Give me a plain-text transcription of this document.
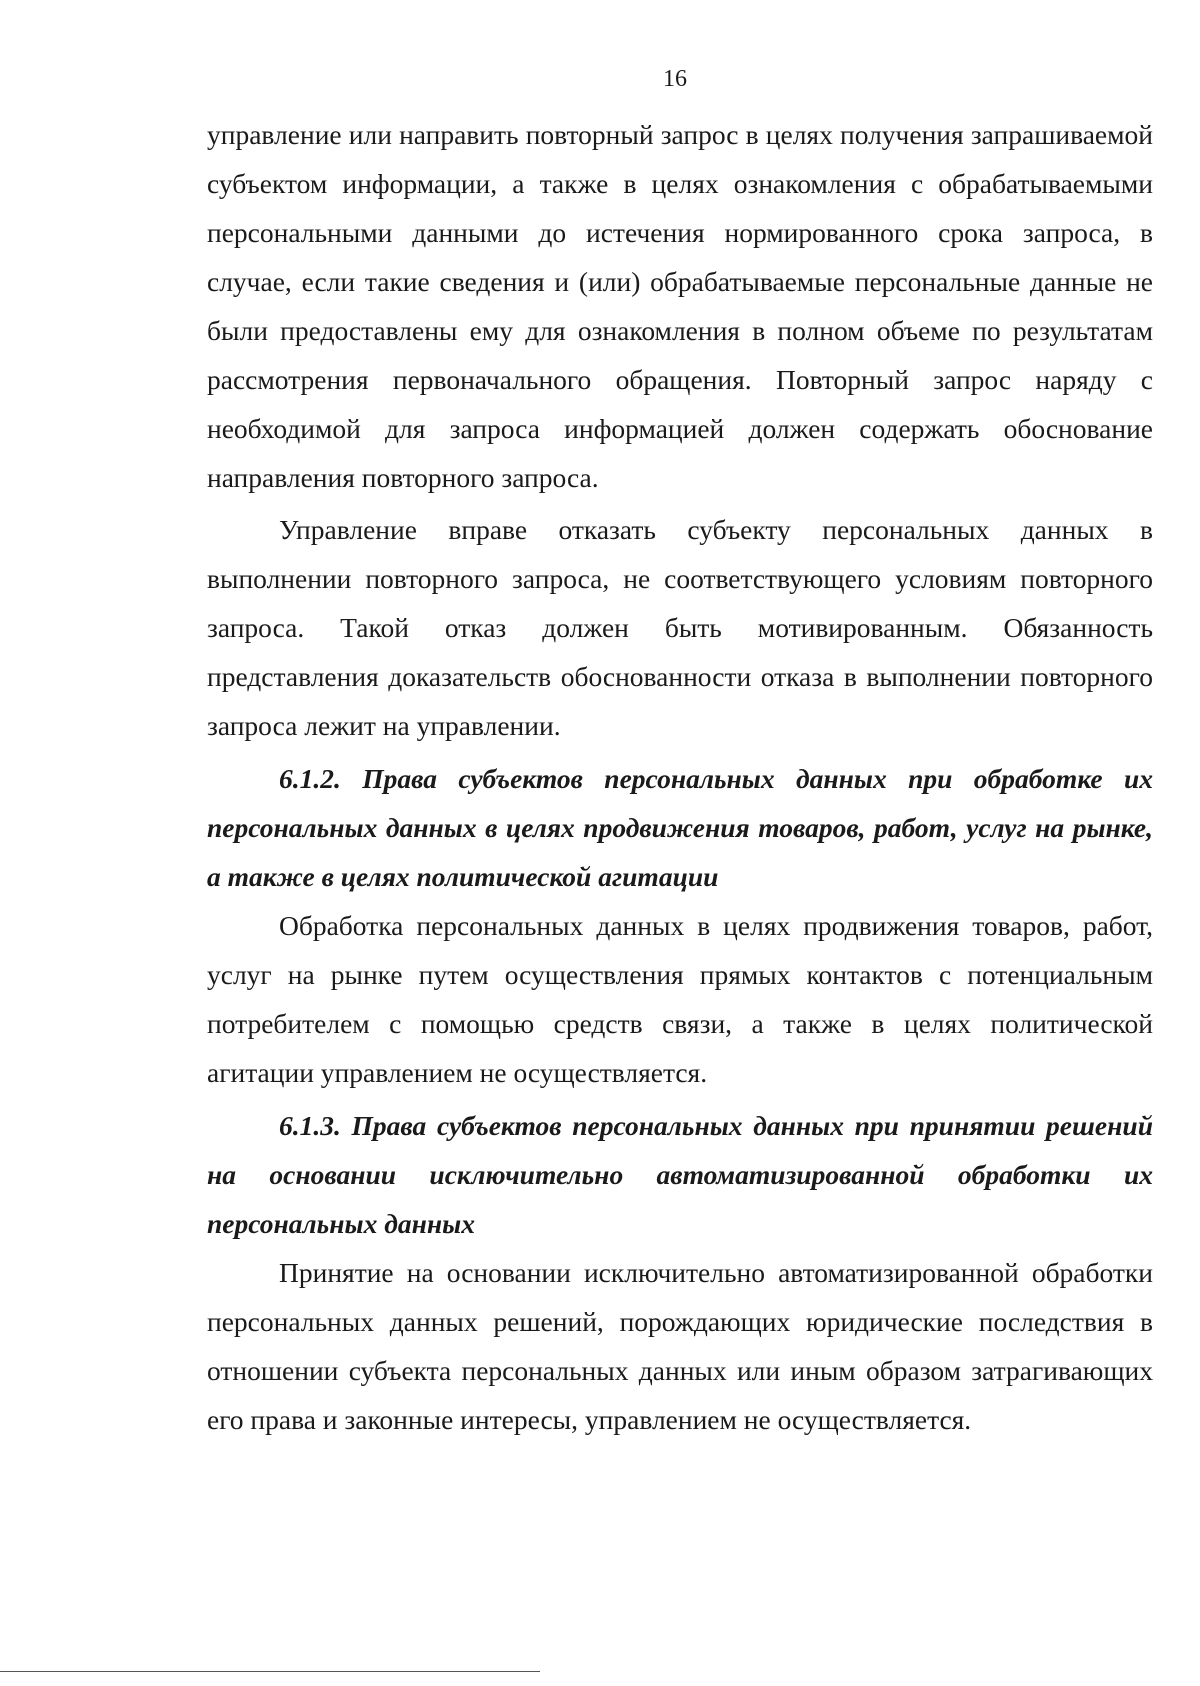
16

управление или направить повторный запрос в целях получения запрашиваемой субъектом информации, а также в целях ознакомления с обрабатываемыми персональными данными до истечения нормированного срока запроса, в случае, если такие сведения и (или) обрабатываемые персональные данные не были предоставлены ему для ознакомления в полном объеме по результатам рассмотрения первоначального обращения. Повторный запрос наряду с необходимой для запроса информацией должен содержать обоснование направления повторного запроса.

Управление вправе отказать субъекту персональных данных в выполнении повторного запроса, не соответствующего условиям повторного запроса. Такой отказ должен быть мотивированным. Обязанность представления доказательств обоснованности отказа в выполнении повторного запроса лежит на управлении.

6.1.2. Права субъектов персональных данных при обработке их персональных данных в целях продвижения товаров, работ, услуг на рынке, а также в целях политической агитации

Обработка персональных данных в целях продвижения товаров, работ, услуг на рынке путем осуществления прямых контактов с потенциальным потребителем с помощью средств связи, а также в целях политической агитации управлением не осуществляется.

6.1.3. Права субъектов персональных данных при принятии решений на основании исключительно автоматизированной обработки их персональных данных

Принятие на основании исключительно автоматизированной обработки персональных данных решений, порождающих юридические последствия в отношении субъекта персональных данных или иным образом затрагивающих его права и законные интересы, управлением не осуществляется.
